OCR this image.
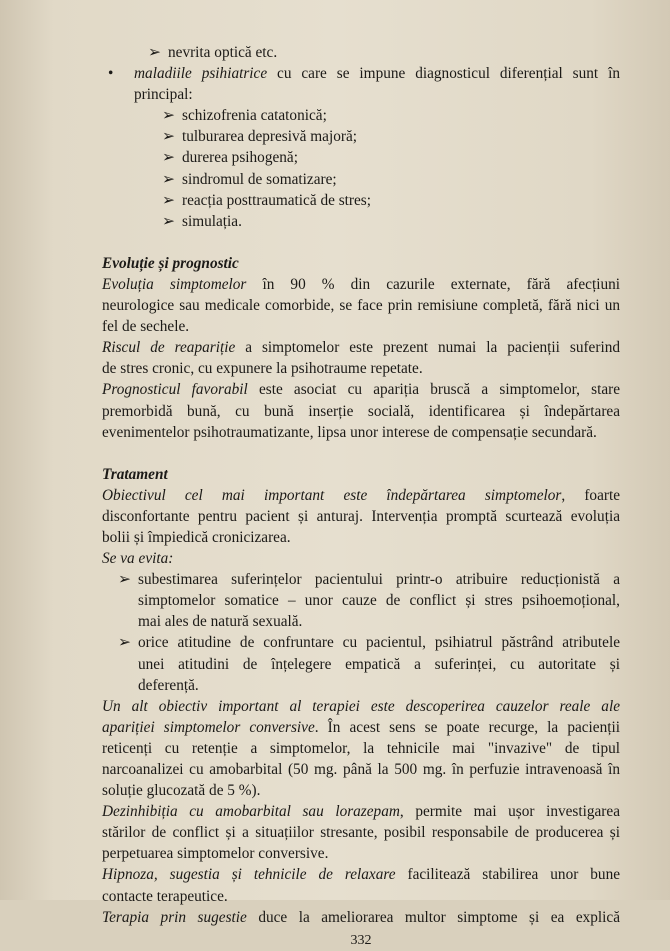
➢ nevrita optică etc.
• maladiile psihiatrice cu care se impune diagnosticul diferențial sunt în
principal:
➢ schizofrenia catatonică;
➢ tulburarea depresivă majoră;
➢ durerea psihogenă;
➢ sindromul de somatizare;
➢ reacția posttraumatică de stres;
➢ simulația.
Evoluție și prognostic
Evoluția simptomelor în 90 % din cazurile externate, fără afecțiuni
neurologice sau medicale comorbide, se face prin remisiune completă, fără nici un
fel de sechele.
Riscul de reapariție a simptomelor este prezent numai la pacienții suferind
de stres cronic, cu expunere la psihotraume repetate.
Prognosticul favorabil este asociat cu apariția bruscă a simptomelor, stare
premorbidă bună, cu bună inserție socială, identificarea și îndepărtarea
evenimentelor psihotraumatizante, lipsa unor interese de compensație secundară.
Tratament
Obiectivul cel mai important este îndepărtarea simptomelor, foarte
disconfortante pentru pacient și anturaj. Intervenția promptă scurtează evoluția
bolii și împiedică cronicizarea.
Se va evita:
➢ subestimarea suferințelor pacientului printr-o atribuire reducționistă a
simptomelor somatice – unor cauze de conflict și stres psihoemoțional,
mai ales de natură sexuală.
➢ orice atitudine de confruntare cu pacientul, psihiatrul păstrând atributele
unei atitudini de înțelegere empatică a suferinței, cu autoritate și
deferență.
Un alt obiectiv important al terapiei este descoperirea cauzelor reale ale
apariției simptomelor conversive. În acest sens se poate recurge, la pacienții
reticenți cu retenție a simptomelor, la tehnicile mai "invazive" de tipul
narcoanalizei cu amobarbital (50 mg. până la 500 mg. în perfuzie intravenoasă în
soluție glucozată de 5 %).
Dezinhibiția cu amobarbital sau lorazepam, permite mai ușor investigarea
stărilor de conflict și a situațiilor stresante, posibil responsabile de producerea și
perpetuarea simptomelor conversive.
Hipnoza, sugestia și tehnicile de relaxare facilitează stabilirea unor bune
contacte terapeutice.
Terapia prin sugestie duce la ameliorarea multor simptome și ea explică
332
